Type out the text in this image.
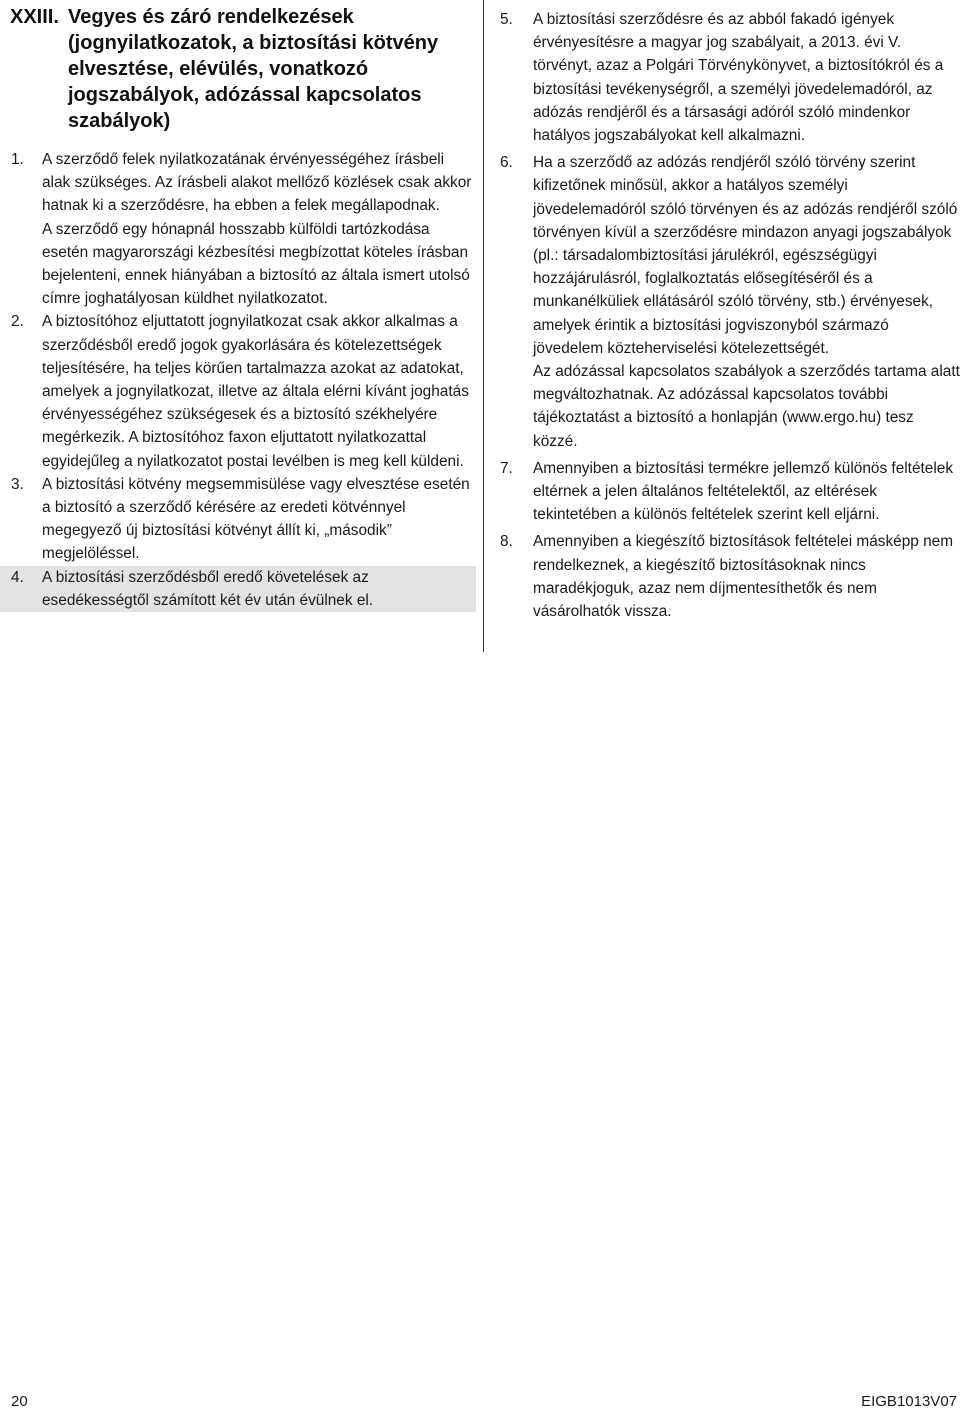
XXIII. Vegyes és záró rendelkezések (jognyilatkozatok, a biztosítási kötvény elvesztése, elévülés, vonatkozó jogszabályok, adózással kapcsolatos szabályok)
1. A szerződő felek nyilatkozatának érvényességéhez írásbeli alak szükséges. Az írásbeli alakot mellőző közlések csak akkor hatnak ki a szerződésre, ha ebben a felek megállapodnak.
A szerződő egy hónapnál hosszabb külföldi tartózkodása esetén magyarországi kézbesítési megbízottat köteles írásban bejelenteni, ennek hiányában a biztosító az általa ismert utolsó címre joghatályosan küldhet nyilatkozatot.
2. A biztosítóhoz eljuttatott jognyilatkozat csak akkor alkalmas a szerződésből eredő jogok gyakorlására és kötelezettségek teljesítésére, ha teljes körűen tartalmazza azokat az adatokat, amelyek a jognyilatkozat, illetve az általa elérni kívánt joghatás érvényességéhez szükségesek és a biztosító székhelyére megérkezik. A biztosítóhoz faxon eljuttatott nyilatkozattal egyidejűleg a nyilatkozatot postai levélben is meg kell küldeni.
3. A biztosítási kötvény megsemmisülése vagy elvesztése esetén a biztosító a szerződő kérésére az eredeti kötvénnyel megegyező új biztosítási kötvényt állít ki, „második” megjelöléssel.
4. A biztosítási szerződésből eredő követelések az esedékességtől számított két év után évülnek el.
5. A biztosítási szerződésre és az abból fakadó igények érvényesítésre a magyar jog szabályait, a 2013. évi V. törvényt, azaz a Polgári Törvénykönyvet, a biztosítókról és a biztosítási tevékenységről, a személyi jövedelemadóról, az adózás rendjéről és a társasági adóról szóló mindenkor hatályos jogszabályokat kell alkalmazni.
6. Ha a szerződő az adózás rendjéről szóló törvény szerint kifizetőnek minősül, akkor a hatályos személyi jövedelemadóról szóló törvényen és az adózás rendjéről szóló törvényen kívül a szerződésre mindazon anyagi jogszabályok (pl.: társadalombiztosítási járulékról, egészségügyi hozzájárulásról, foglalkoztatás elősegítéséről és a munkanélküliek ellátásáról szóló törvény, stb.) érvényesek, amelyek érintik a biztosítási jogviszonyból származó jövedelem közteherviselési kötelezettségét.
Az adózással kapcsolatos szabályok a szerződés tartama alatt megváltozhatnak. Az adózással kapcsolatos további tájékoztatást a biztosító a honlapján (www.ergo.hu) tesz közzé.
7. Amennyiben a biztosítási termékre jellemző különös feltételek eltérnek a jelen általános feltételektől, az eltérések tekintetében a különös feltételek szerint kell eljárni.
8. Amennyiben a kiegészítő biztosítások feltételei másképp nem rendelkeznek, a kiegészítő biztosításoknak nincs maradékjoguk, azaz nem díjmentesíthetők és nem vásárolhatók vissza.
20	EIGB1013V07
